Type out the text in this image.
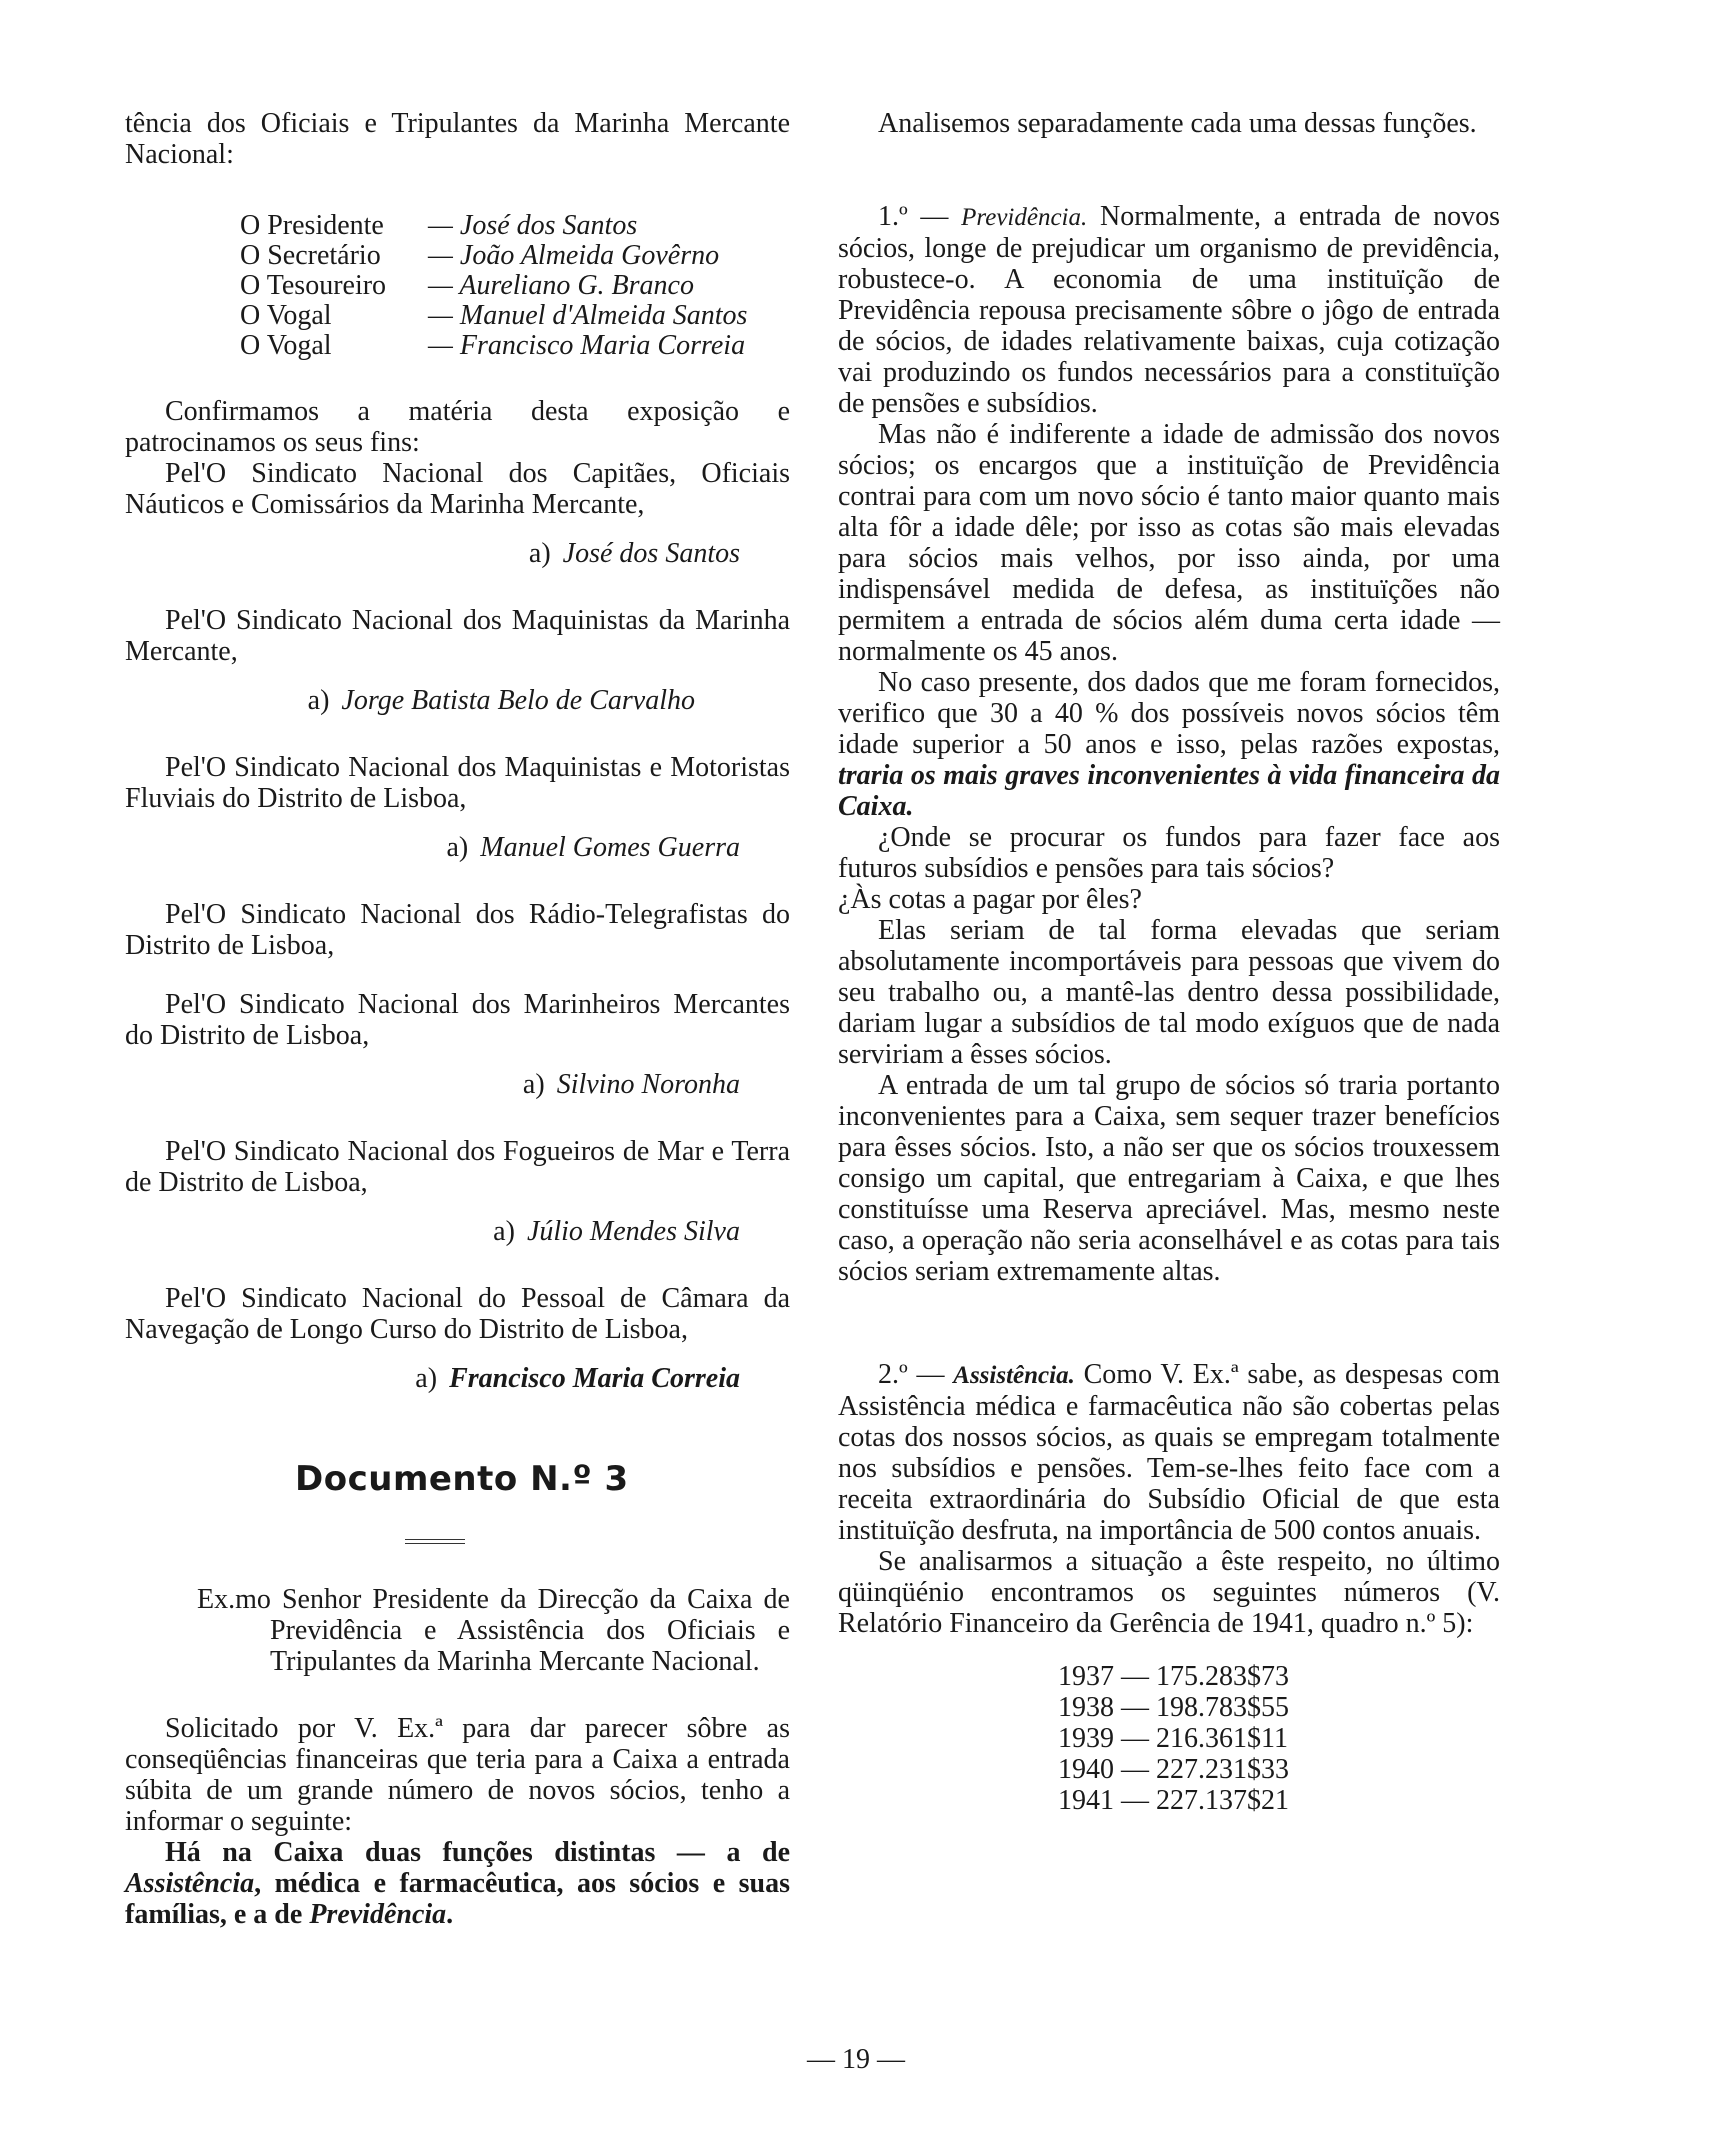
tência dos Oficiais e Tripulantes da Marinha Mercante Nacional:

O Presidente — José dos Santos
O Secretário — João Almeida Govêrno
O Tesoureiro — Aureliano G. Branco
O Vogal	— Manuel d'Almeida Santos
O Vogal	— Francisco Maria Correia

Confirmamos a matéria desta exposição e patrocinamos os seus fins:

Pel'O Sindicato Nacional dos Capitães, Oficiais Náuticos e Comissários da Marinha Mercante,

a) José dos Santos

Pel'O Sindicato Nacional dos Maquinistas da Marinha Mercante,

a) Jorge Batista Belo de Carvalho

Pel'O Sindicato Nacional dos Maquinistas e Motoristas Fluviais do Distrito de Lisboa,

a) Manuel Gomes Guerra

Pel'O Sindicato Nacional dos Rádio-Telegrafistas do Distrito de Lisboa,

Pel'O Sindicato Nacional dos Marinheiros Mercantes do Distrito de Lisboa,

a) Silvino Noronha

Pel'O Sindicato Nacional dos Fogueiros de Mar e Terra de Distrito de Lisboa,

a) Júlio Mendes Silva

Pel'O Sindicato Nacional do Pessoal de Câmara da Navegação de Longo Curso do Distrito de Lisboa,

a) Francisco Maria Correia
Documento N.º 3

Ex.mo Senhor Presidente da Direcção da Caixa de Previdência e Assistência dos Oficiais e Tripulantes da Marinha Mercante Nacional.

Solicitado por V. Ex.ª para dar parecer sôbre as conseqüências financeiras que teria para a Caixa a entrada súbita de um grande número de novos sócios, tenho a informar o seguinte:

Há na Caixa duas funções distintas — a de Assistência, médica e farmacêutica, aos sócios e suas famílias, e a de Previdência.

Analisemos separadamente cada uma dessas funções.

1.º — Previdência. Normalmente, a entrada de novos sócios, longe de prejudicar um organismo de previdência, robustece-o. A economia de uma instituïção de Previdência repousa precisamente sôbre o jôgo de entrada de sócios, de idades relativamente baixas, cuja cotização vai produzindo os fundos necessários para a constituïção de pensões e subsídios.

Mas não é indiferente a idade de admissão dos novos sócios; os encargos que a instituïção de Previdência contrai para com um novo sócio é tanto maior quanto mais alta fôr a idade dêle; por isso as cotas são mais elevadas para sócios mais velhos, por isso ainda, por uma indispensável medida de defesa, as instituïções não permitem a entrada de sócios além duma certa idade — normalmente os 45 anos.

No caso presente, dos dados que me foram fornecidos, verifico que 30 a 40 % dos possíveis novos sócios têm idade superior a 50 anos e isso, pelas razões expostas, traria os mais graves inconvenientes à vida financeira da Caixa.

¿Onde se procurar os fundos para fazer face aos futuros subsídios e pensões para tais sócios?

¿Às cotas a pagar por êles?

Elas seriam de tal forma elevadas que seriam absolutamente incomportáveis para pessoas que vivem do seu trabalho ou, a mantê-las dentro dessa possibilidade, dariam lugar a subsídios de tal modo exíguos que de nada serviriam a êsses sócios.

A entrada de um tal grupo de sócios só traria portanto inconvenientes para a Caixa, sem sequer trazer benefícios para êsses sócios. Isto, a não ser que os sócios trouxessem consigo um capital, que entregariam à Caixa, e que lhes constituísse uma Reserva apreciável. Mas, mesmo neste caso, a operação não seria aconselhável e as cotas para tais sócios seriam extremamente altas.

2.º — Assistência. Como V. Ex.ª sabe, as despesas com Assistência médica e farmacêutica não são cobertas pelas cotas dos nossos sócios, as quais se empregam totalmente nos subsídios e pensões. Tem-se-lhes feito face com a receita extraordinária do Subsídio Oficial de que esta instituïção desfruta, na importância de 500 contos anuais.

Se analisarmos a situação a êste respeito, no último qüinqüénio encontramos os seguintes números (V. Relatório Financeiro da Gerência de 1941, quadro n.º 5):

1937 — 175.283$73
1938 — 198.783$55
1939 — 216.361$11
1940 — 227.231$33
1941 — 227.137$21
— 19 —
